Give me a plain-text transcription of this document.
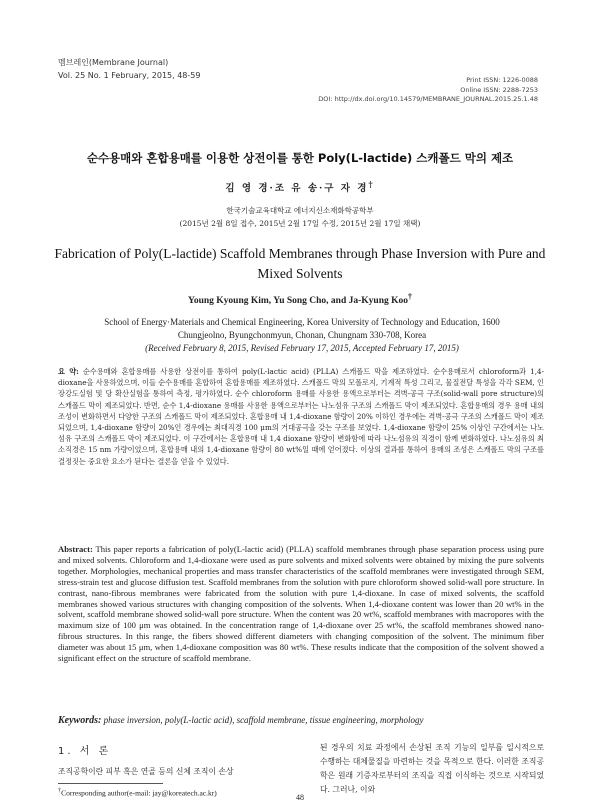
멤브레인(Membrane Journal)
Vol. 25 No. 1 February, 2015, 48-59	Print ISSN: 1226-0088
Online ISSN: 2288-7253
DOI: http://dx.doi.org/10.14579/MEMBRANE_JOURNAL.2015.25.1.48
순수용매와 혼합용매를 이용한 상전이를 통한 Poly(L-lactide) 스캐폴드 막의 제조
김 영 경·조 유 송·구 자 경†
한국기술교육대학교 에너지신소재화학공학부
(2015년 2월 8일 접수, 2015년 2월 17일 수정, 2015년 2월 17일 채택)
Fabrication of Poly(L-lactide) Scaffold Membranes through Phase Inversion with Pure and Mixed Solvents
Young Kyoung Kim, Yu Song Cho, and Ja-Kyung Koo†
School of Energy·Materials and Chemical Engineering, Korea University of Technology and Education, 1600
Chungjeolno, Byungchonmyun, Chonan, Chungnam 330-708, Korea
(Received February 8, 2015, Revised February 17, 2015, Accepted February 17, 2015)
요 약: 순수용매와 혼합용매를 사용한 상전이를 통하여 poly(L-lactic acid) (PLLA) 스캐폴드 막을 제조하였다. 순수용매로서 chloroform과 1,4-dioxane을 사용하였으며, 이들 순수용매를 혼합하여 혼합용매를 제조하였다. 스캐폴드 막의 모폴로지, 기계적 특성 그리고, 물질전달 특성을 각각 SEM, 인장강도실험 및 당 확산실험을 통하여 측정, 평가하였다. 순수 chloroform 용매를 사용한 용액으로부터는 격벽-공극 구조(solid-wall pore structure)의 스캐폴드 막이 제조되었다. 반면, 순수 1,4-dioxane 용매를 사용한 용액으로부터는 나노섬유 구조의 스캐폴드 막이 제조되었다. 혼합용매의 경우 용매 내의 조성이 변화하면서 다양한 구조의 스캐폴드 막이 제조되었다. 혼합용매 내 1,4-dioxane 함량이 20% 이하인 경우에는 격벽-공극 구조의 스캐폴드 막이 제조되었으며, 1,4-dioxane 함량이 20%인 경우에는 최대직경 100 μm의 거대공극을 갖는 구조를 보였다. 1,4-dioxane 함량이 25% 이상인 구간에서는 나노섬유 구조의 스캐폴드 막이 제조되었다. 이 구간에서는 혼합용매 내 1,4 dioxane 함량이 변화함에 따라 나노섬유의 직경이 함께 변화하였다. 나노섬유의 최소직경은 15 nm 가량이었으며, 혼합용매 내의 1,4-dioxane 함량이 80 wt%일 때에 얻어졌다. 이상의 결과를 통하여 용매의 조성은 스캐폴드 막의 구조를 결정짓는 중요한 요소가 된다는 결론을 얻을 수 있었다.
Abstract: This paper reports a fabrication of poly(L-lactic acid) (PLLA) scaffold membranes through phase separation process using pure and mixed solvents. Chloroform and 1,4-dioxane were used as pure solvents and mixed solvents were obtained by mixing the pure solvents together. Morphologies, mechanical properties and mass transfer characteristics of the scaffold membranes were investigated through SEM, stress-strain test and glucose diffusion test. Scaffold membranes from the solution with pure chloroform showed solid-wall pore structure. In contrast, nano-fibrous membranes were fabricated from the solution with pure 1,4-dioxane. In case of mixed solvents, the scaffold membranes showed various structures with changing composition of the solvents. When 1,4-dioxane content was lower than 20 wt% in the solvent, scaffold membrane showed solid-wall pore structure. When the content was 20 wt%, scaffold membranes with macropores with the maximum size of 100 μm was obtained. In the concentration range of 1,4-dioxane over 25 wt%, the scaffold membranes showed nano-fibrous structures. In this range, the fibers showed different diameters with changing composition of the solvent. The minimum fiber diameter was about 15 μm, when 1,4-dioxane composition was 80 wt%. These results indicate that the composition of the solvent showed a significant effect on the structure of scaffold membrane.
Keywords: phase inversion, poly(L-lactic acid), scaffold membrane, tissue engineering, morphology
1. 서 론
조직공학이란 피부 혹은 연골 등의 신체 조직이 손상
된 경우의 치료 과정에서 손상된 조직 기능의 일부를 일시적으로 수행하는 대체물질을 마련하는 것을 목적으로 한다. 이러한 조직공학은 원래 기증자로부터의 조직을 직접 이식하는 것으로 시작되었다. 그러나, 이와
†Corresponding author(e-mail: jay@koreatech.ac.kr)	48
